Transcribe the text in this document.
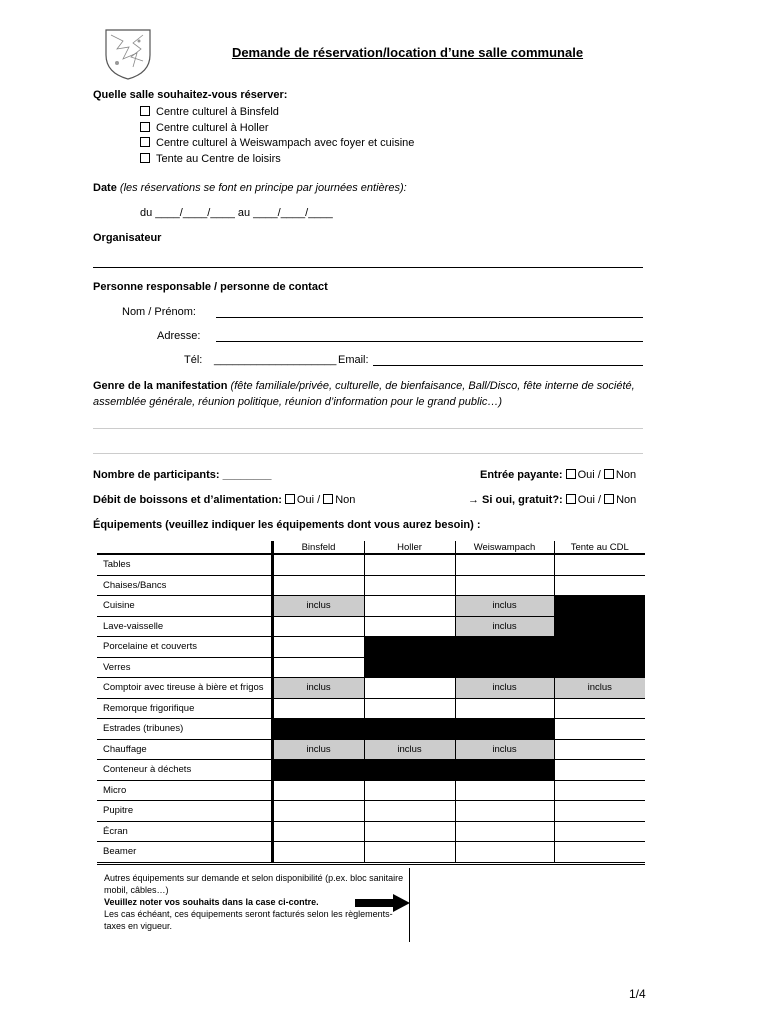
Demande de réservation/location d’une salle communale
Quelle salle souhaitez-vous réserver:
Centre culturel à Binsfeld
Centre culturel à Holler
Centre culturel à Weiswampach avec foyer et cuisine
Tente au Centre de loisirs
Date (les réservations se font en principe par journées entières):
du ____/____/____ au ____/____/____
Organisateur
Personne responsable / personne de contact
Nom / Prénom:
Adresse:
Tél: ____________________ Email:
Genre de la manifestation (fête familiale/privée, culturelle, de bienfaisance, Ball/Disco, fête interne de société, assemblée générale, réunion politique, réunion d’information pour le grand public…)
Nombre de participants: ________	Entrée payante: Oui / Non
Débit de boissons et d’alimentation: Oui / Non	→ Si oui, gratuit?: Oui / Non
Équipements (veuillez indiquer les équipements dont vous aurez besoin) :
	Binsfeld	Holler	Weiswampach	Tente au CDL
Tables				
Chaises/Bancs				
Cuisine	inclus		inclus	
Lave-vaisselle			inclus	
Porcelaine et couverts				
Verres				
Comptoir avec tireuse à bière et frigos	inclus		inclus	inclus
Remorque frigorifique				
Estrades (tribunes)				
Chauffage	inclus	inclus	inclus	
Conteneur à déchets				
Micro				
Pupitre				
Écran				
Beamer				
Autres équipements sur demande et selon disponibilité (p.ex. bloc sanitaire mobil, câbles…)
Veuillez noter vos souhaits dans la case ci-contre.
Les cas échéant, ces équipements seront facturés selon les règlements-taxes en vigueur.
1/4
